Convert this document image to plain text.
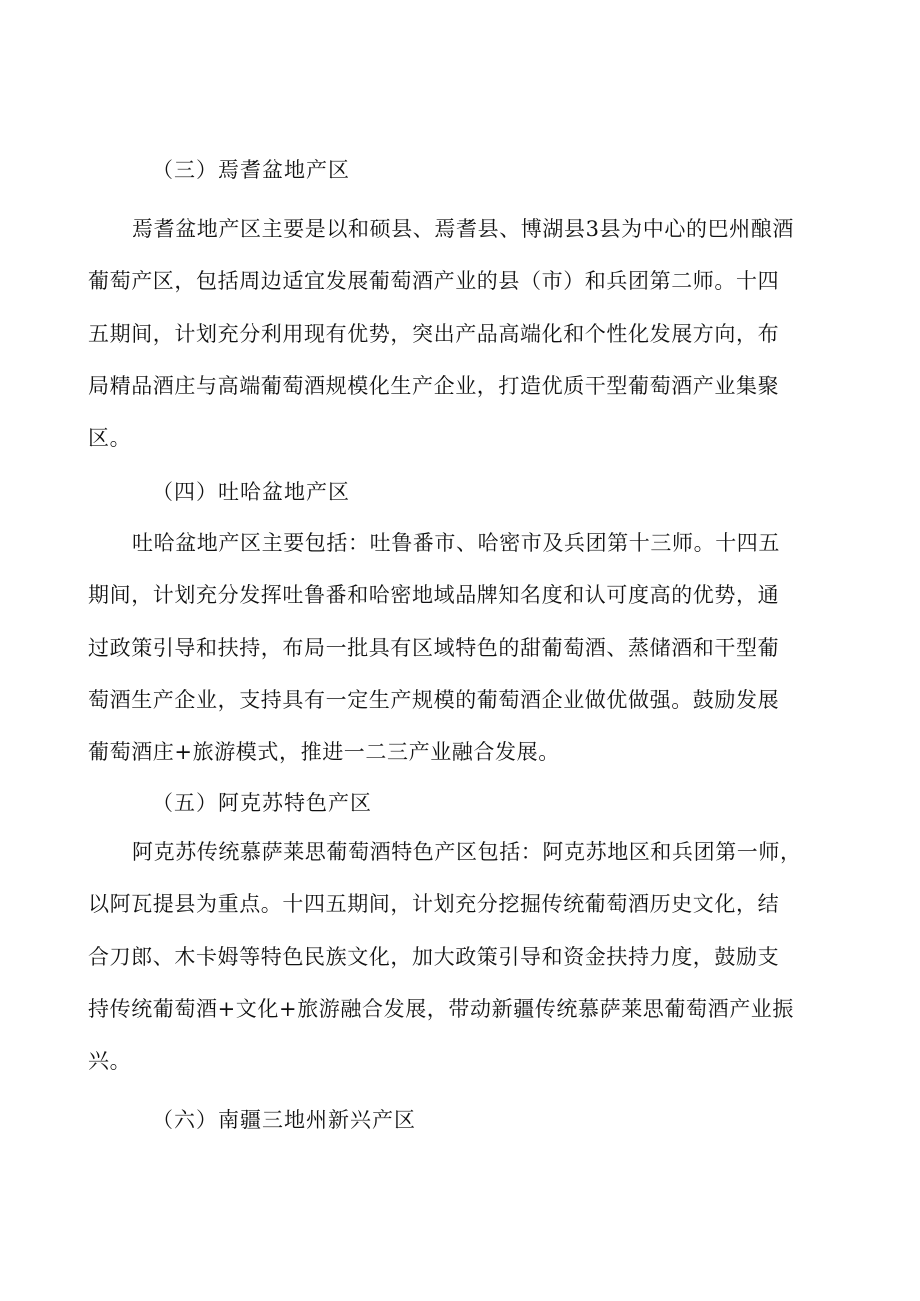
（三）焉耆盆地产区
焉耆盆地产区主要是以和硕县、焉耆县、博湖县3县为中心的巴州酿酒
葡萄产区，包括周边适宜发展葡萄酒产业的县（市）和兵团第二师。十四
五期间，计划充分利用现有优势，突出产品高端化和个性化发展方向，布
局精品酒庄与高端葡萄酒规模化生产企业，打造优质干型葡萄酒产业集聚
区。
（四）吐哈盆地产区
吐哈盆地产区主要包括：吐鲁番市、哈密市及兵团第十三师。十四五
期间，计划充分发挥吐鲁番和哈密地域品牌知名度和认可度高的优势，通
过政策引导和扶持，布局一批具有区域特色的甜葡萄酒、蒸储酒和干型葡
萄酒生产企业，支持具有一定生产规模的葡萄酒企业做优做强。鼓励发展
葡萄酒庄+旅游模式，推进一二三产业融合发展。
（五）阿克苏特色产区
阿克苏传统慕萨莱思葡萄酒特色产区包括：阿克苏地区和兵团第一师，
以阿瓦提县为重点。十四五期间，计划充分挖掘传统葡萄酒历史文化，结
合刀郎、木卡姆等特色民族文化，加大政策引导和资金扶持力度，鼓励支
持传统葡萄酒+文化+旅游融合发展，带动新疆传统慕萨莱思葡萄酒产业振
兴。
（六）南疆三地州新兴产区
